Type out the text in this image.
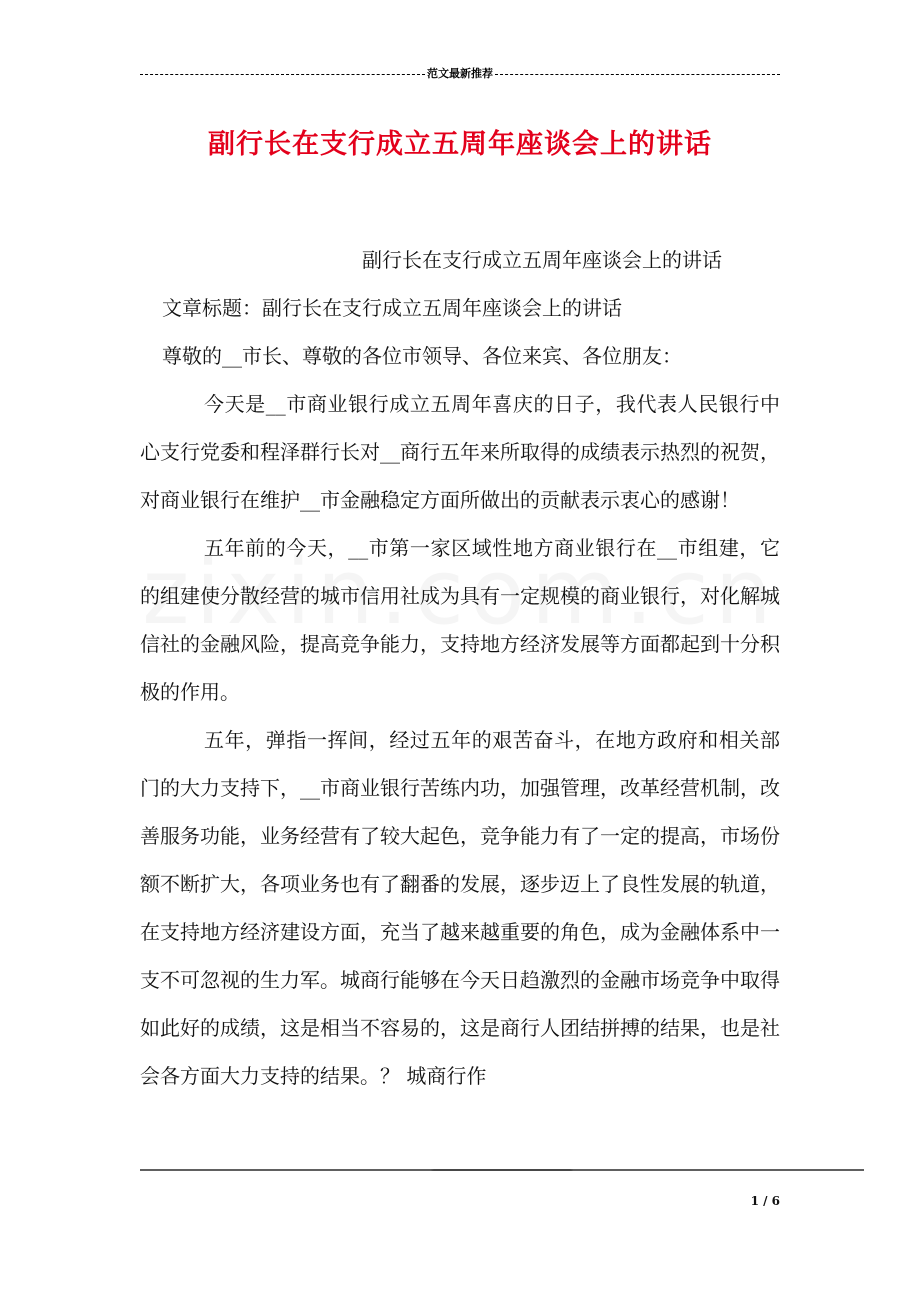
范文最新推荐
副行长在支行成立五周年座谈会上的讲话

副行长在支行成立五周年座谈会上的讲话

文章标题：副行长在支行成立五周年座谈会上的讲话

尊敬的__市长、尊敬的各位市领导、各位来宾、各位朋友：

今天是__市商业银行成立五周年喜庆的日子，我代表人民银行中心支行党委和程泽群行长对__商行五年来所取得的成绩表示热烈的祝贺，对商业银行在维护__市金融稳定方面所做出的贡献表示衷心的感谢！

五年前的今天，__市第一家区域性地方商业银行在__市组建，它的组建使分散经营的城市信用社成为具有一定规模的商业银行，对化解城信社的金融风险，提高竞争能力，支持地方经济发展等方面都起到十分积极的作用。

五年，弹指一挥间，经过五年的艰苦奋斗，在地方政府和相关部门的大力支持下，__市商业银行苦练内功，加强管理，改革经营机制，改善服务功能，业务经营有了较大起色，竞争能力有了一定的提高，市场份额不断扩大，各项业务也有了翻番的发展，逐步迈上了良性发展的轨道，在支持地方经济建设方面，充当了越来越重要的角色，成为金融体系中一支不可忽视的生力军。城商行能够在今天日趋激烈的金融市场竞争中取得如此好的成绩，这是相当不容易的，这是商行人团结拼搏的结果，也是社会各方面大力支持的结果。？ 城商行作

1 / 6
